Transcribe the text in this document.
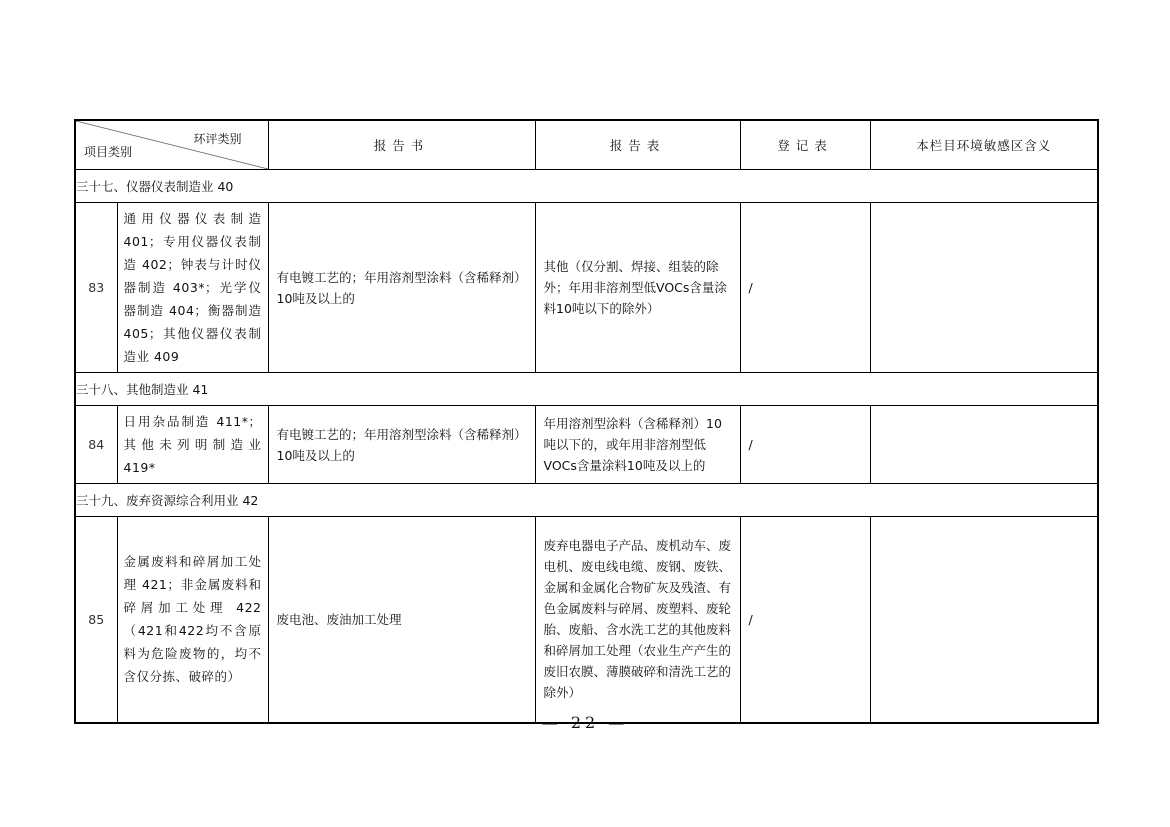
环评类别
项目类别		报告书	报告表	登记表	本栏目环境敏感区含义
三十七、仪器仪表制造业 40					
83	通用仪器仪表制造 401；专用仪器仪表制造 402；钟表与计时仪器制造 403*；光学仪器制造 404；衡器制造 405；其他仪器仪表制造业 409	有电镀工艺的；年用溶剂型涂料（含稀释剂）10吨及以上的	其他（仅分割、焊接、组装的除外；年用非溶剂型低VOCs含量涂料10吨以下的除外）	/	
三十八、其他制造业 41					
84	日用杂品制造 411*；其他未列明制造业 419*	有电镀工艺的；年用溶剂型涂料（含稀释剂）10吨及以上的	年用溶剂型涂料（含稀释剂）10吨以下的，或年用非溶剂型低VOCs含量涂料10吨及以上的	/	
三十九、废弃资源综合利用业 42					
85	金属废料和碎屑加工处理 421；非金属废料和碎屑加工处理 422（421和422均不含原料为危险废物的，均不含仅分拣、破碎的）	废电池、废油加工处理	废弃电器电子产品、废机动车、废电机、废电线电缆、废钢、废铁、金属和金属化合物矿灰及残渣、有色金属废料与碎屑、废塑料、废轮胎、废船、含水洗工艺的其他废料和碎屑加工处理（农业生产产生的废旧农膜、薄膜破碎和清洗工艺的除外）	/	
— 22 —
